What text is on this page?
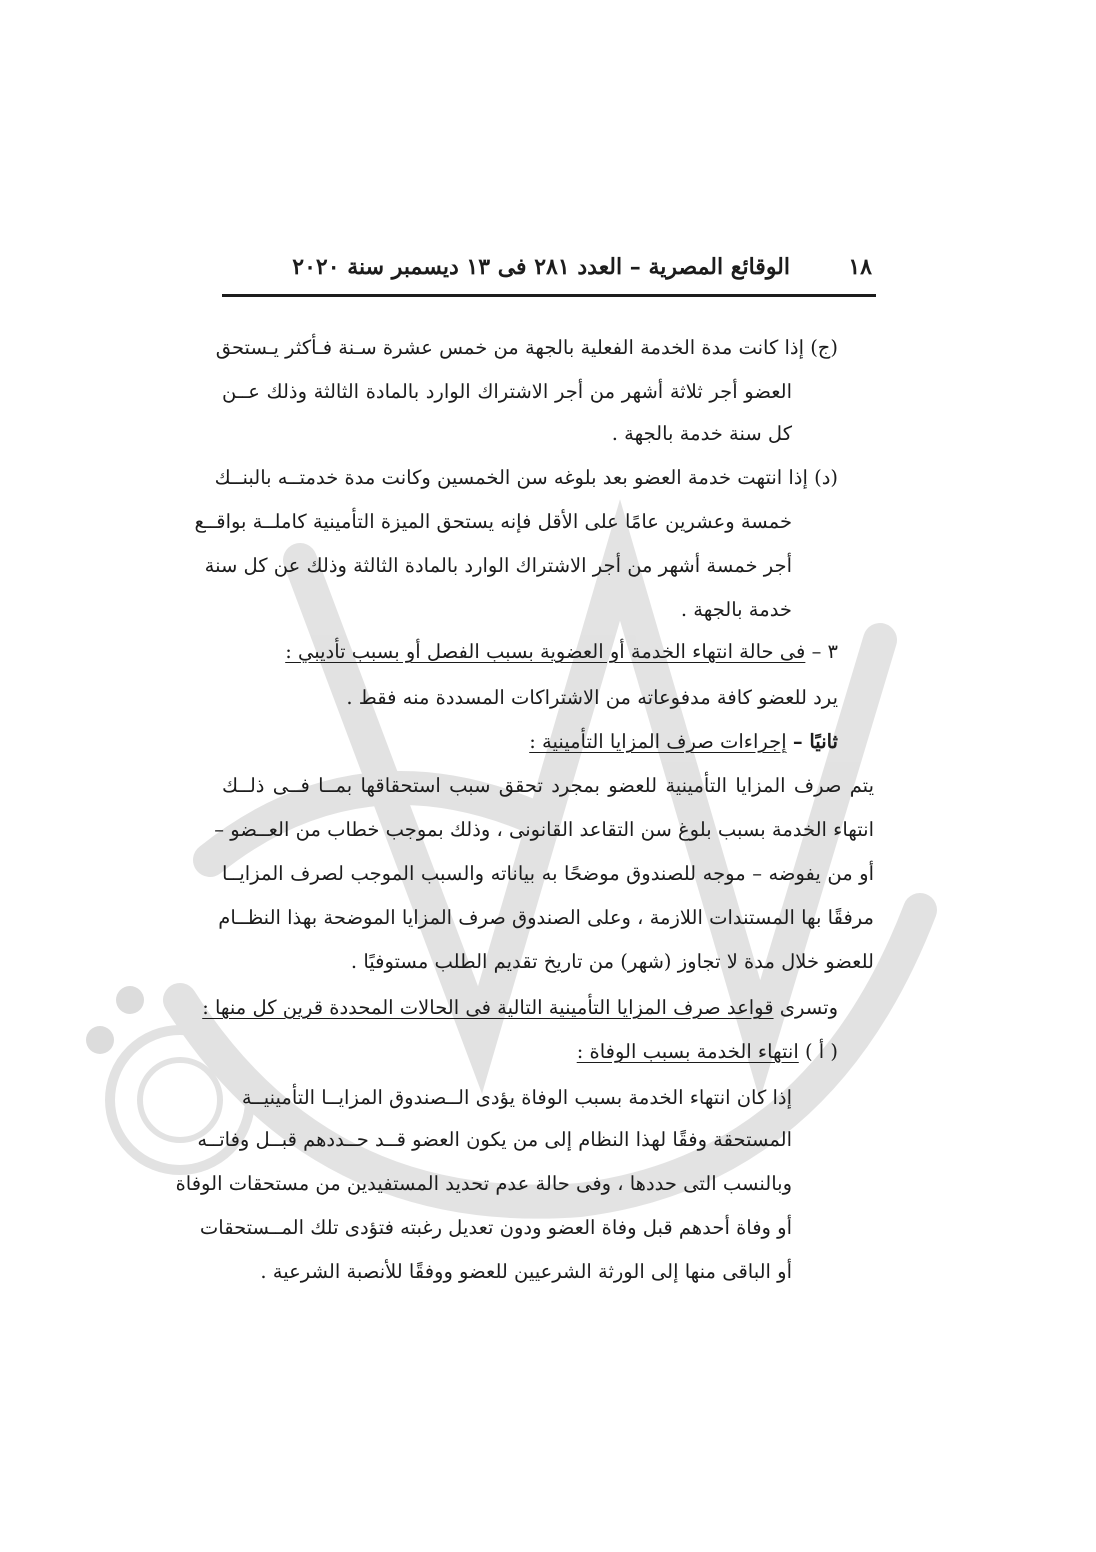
١٨
الوقائع المصرية – العدد ٢٨١ فى ١٣ ديسمبر سنة ٢٠٢٠
(ج) إذا كانت مدة الخدمة الفعلية بالجهة من خمس عشرة سـنة فـأكثر يـستحق
العضو أجر ثلاثة أشهر من أجر الاشتراك الوارد بالمادة الثالثة وذلك عــن
كل سنة خدمة بالجهة .
(د) إذا انتهت خدمة العضو بعد بلوغه سن الخمسين وكانت مدة خدمتــه بالبنــك
خمسة وعشرين عامًا على الأقل فإنه يستحق الميزة التأمينية كاملــة بواقــع
أجر خمسة أشهر من أجر الاشتراك الوارد بالمادة الثالثة وذلك عن كل سنة
خدمة بالجهة .
٣ – فى حالة انتهاء الخدمة أو العضوية بسبب الفصل أو بسبب تأديبي :
يرد للعضو كافة مدفوعاته من الاشتراكات المسددة منه فقط .
ثانيًا – إجراءات صرف المزايا التأمينية :
يتم صرف المزايا التأمينية للعضو بمجرد تحقق سبب استحقاقها بمــا فــى ذلــك
انتهاء الخدمة بسبب بلوغ سن التقاعد القانونى ، وذلك بموجب خطاب من العــضو –
أو من يفوضه – موجه للصندوق موضحًا به بياناته والسبب الموجب لصرف المزايــا
مرفقًا بها المستندات اللازمة ، وعلى الصندوق صرف المزايا الموضحة بهذا النظــام
للعضو خلال مدة لا تجاوز (شهر) من تاريخ تقديم الطلب مستوفيًا .
وتسرى قواعد صرف المزايا التأمينية التالية فى الحالات المحددة قرين كل منها :
( أ ) انتهاء الخدمة بسبب الوفاة :
إذا كان انتهاء الخدمة بسبب الوفاة يؤدى الــصندوق المزايــا التأمينيــة
المستحقة وفقًا لهذا النظام إلى من يكون العضو قــد حــددهم قبــل وفاتــه
وبالنسب التى حددها ، وفى حالة عدم تحديد المستفيدين من مستحقات الوفاة
أو وفاة أحدهم قبل وفاة العضو ودون تعديل رغبته فتؤدى تلك المــستحقات
أو الباقى منها إلى الورثة الشرعيين للعضو ووفقًا للأنصبة الشرعية .
